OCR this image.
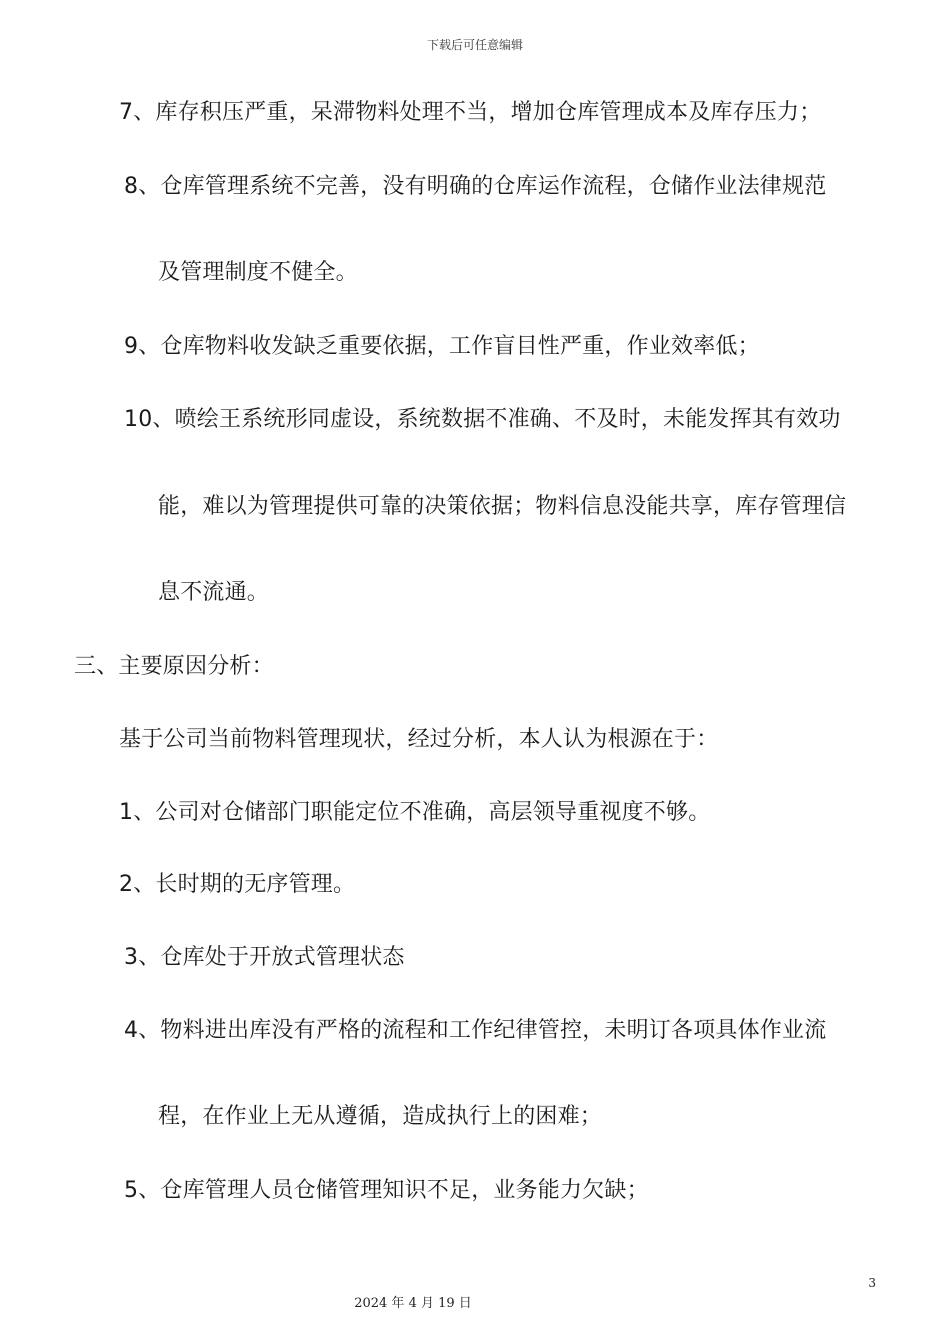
下载后可任意编辑
7、库存积压严重，呆滞物料处理不当，增加仓库管理成本及库存压力；
8、仓库管理系统不完善，没有明确的仓库运作流程，仓储作业法律规范
及管理制度不健全。
9、仓库物料收发缺乏重要依据，工作盲目性严重，作业效率低；
10、喷绘王系统形同虚设，系统数据不准确、不及时，未能发挥其有效功
能，难以为管理提供可靠的决策依据；物料信息没能共享，库存管理信
息不流通。
三、主要原因分析：
基于公司当前物料管理现状，经过分析，本人认为根源在于：
1、公司对仓储部门职能定位不准确，高层领导重视度不够。
2、长时期的无序管理。
3、仓库处于开放式管理状态
4、物料进出库没有严格的流程和工作纪律管控，未明订各项具体作业流
程，在作业上无从遵循，造成执行上的困难；
5、仓库管理人员仓储管理知识不足，业务能力欠缺；
3
2024 年 4 月 19 日
